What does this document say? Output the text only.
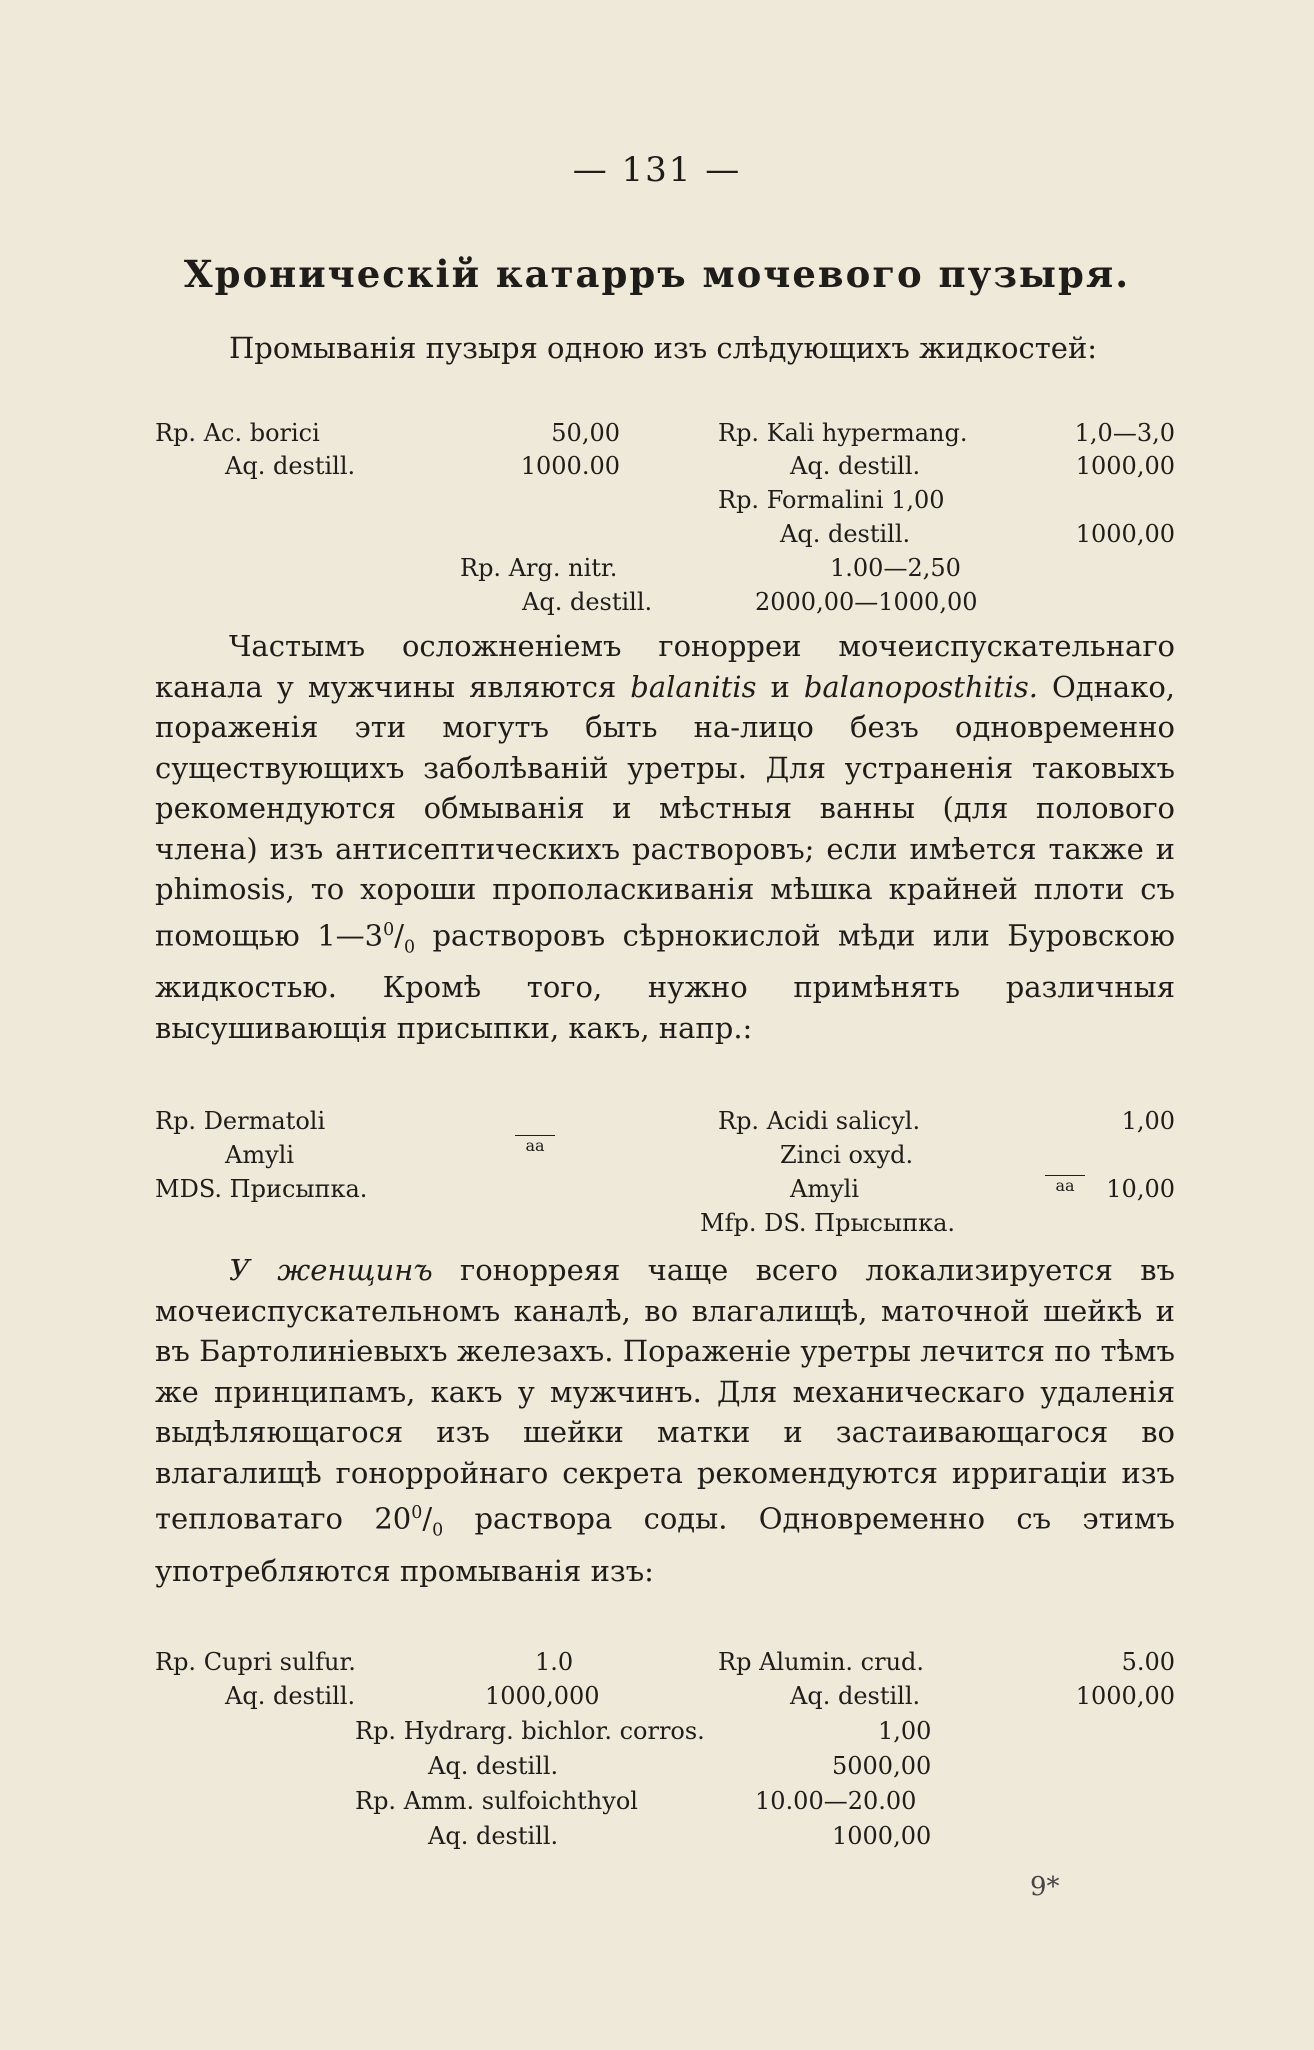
— 131 —
Хроническій катарръ мочевого пузыря.
Промыванія пузыря одною изъ слѣдующихъ жидкостей:
Rp. Ac. borici	50,00
Aq. destill.	1000.00
Rp. Kali hypermang.	1,0—3,0
Aq. destill.	1000,00
Rp. Formalini 1,00
Aq. destill.	1000,00
Rp. Arg. nitr.	1.00—2,50
Aq. destill.	2000,00—1000,00
Частымъ осложненіемъ гонорреи мочеиспускательнаго канала у мужчины являются balanitis и balanoposthitis. Однако, пораженія эти могутъ быть на-лицо безъ одновременно существующихъ заболѣваній уретры. Для устраненія таковыхъ рекомендуются обмыванія и мѣстныя ванны (для полового члена) изъ антисептическихъ растворовъ; если имѣется также и phimosis, то хороши прополаскиванія мѣшка крайней плоти съ помощью $1—3^0/_0$ растворовъ сѣрнокислой мѣди или Буровскою жидкостью. Кромѣ того, нужно примѣнять различныя высушивающія присыпки, какъ, напр.:
Rp. Dermatoli
Amyli
MDS. Присыпка.
aa
Rp. Acidi salicyl.	1,00
Zinci oxyd.
Amyli	aa	10,00
Mfp. DS. Прысыпка.
У женщинъ гонорреяя чаще всего локализируется въ мочеиспускательномъ каналѣ, во влагалищѣ, маточной шейкѣ и въ Бартолиніевыхъ железахъ. Пораженіе уретры лечится по тѣмъ же принципамъ, какъ у мужчинъ. Для механическаго удаленія выдѣляющагося изъ шейки матки и застаивающагося во влагалищѣ гонорройнаго секрета рекомендуются ирригаціи изъ тепловатаго $20^0/_0$ раствора соды. Одновременно съ этимъ употребляются промыванія изъ:
Rp. Cupri sulfur.	1.0
Aq. destill.	1000,000
Rp Alumin. crud.	5.00
Aq. destill.	1000,00
Rp. Hydrarg. bichlor. corros.	1,00
Aq. destill.	5000,00
Rp. Amm. sulfoichthyol	10.00—20.00
Aq. destill.	1000,00
9*
